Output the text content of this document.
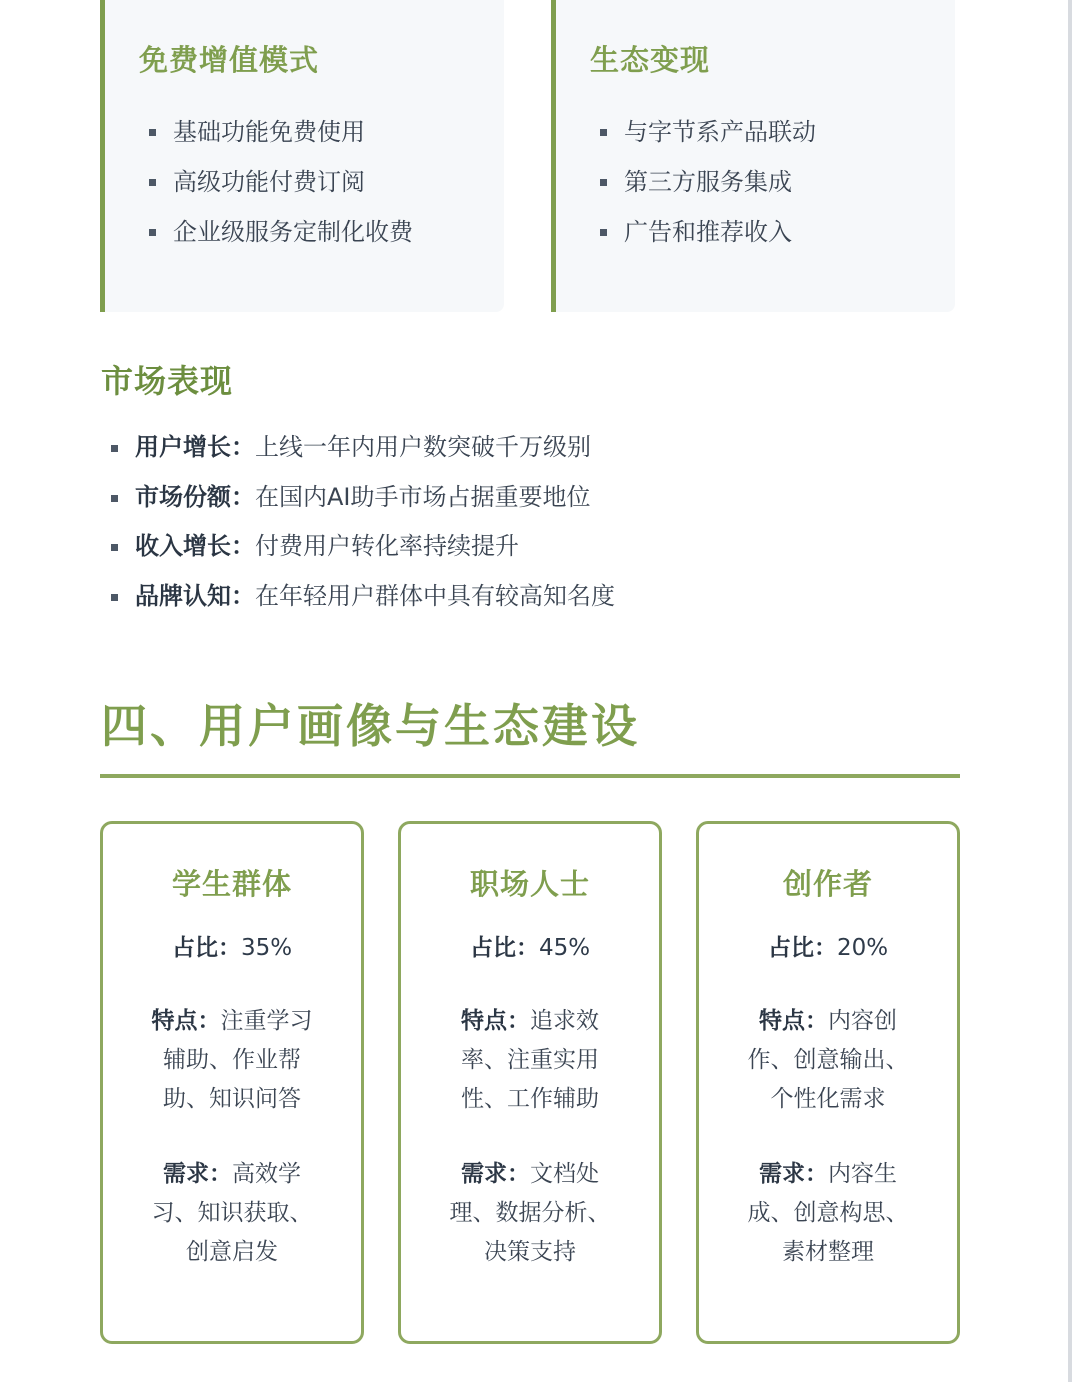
免费增值模式
基础功能免费使用
高级功能付费订阅
企业级服务定制化收费
生态变现
与字节系产品联动
第三方服务集成
广告和推荐收入
市场表现
用户增长：上线一年内用户数突破千万级别
市场份额：在国内AI助手市场占据重要地位
收入增长：付费用户转化率持续提升
品牌认知：在年轻用户群体中具有较高知名度
四、用户画像与生态建设
学生群体
占比：35%
特点：注重学习辅助、作业帮助、知识问答
需求：高效学习、知识获取、创意启发
职场人士
占比：45%
特点：追求效率、注重实用性、工作辅助
需求：文档处理、数据分析、决策支持
创作者
占比：20%
特点：内容创作、创意输出、个性化需求
需求：内容生成、创意构思、素材整理
